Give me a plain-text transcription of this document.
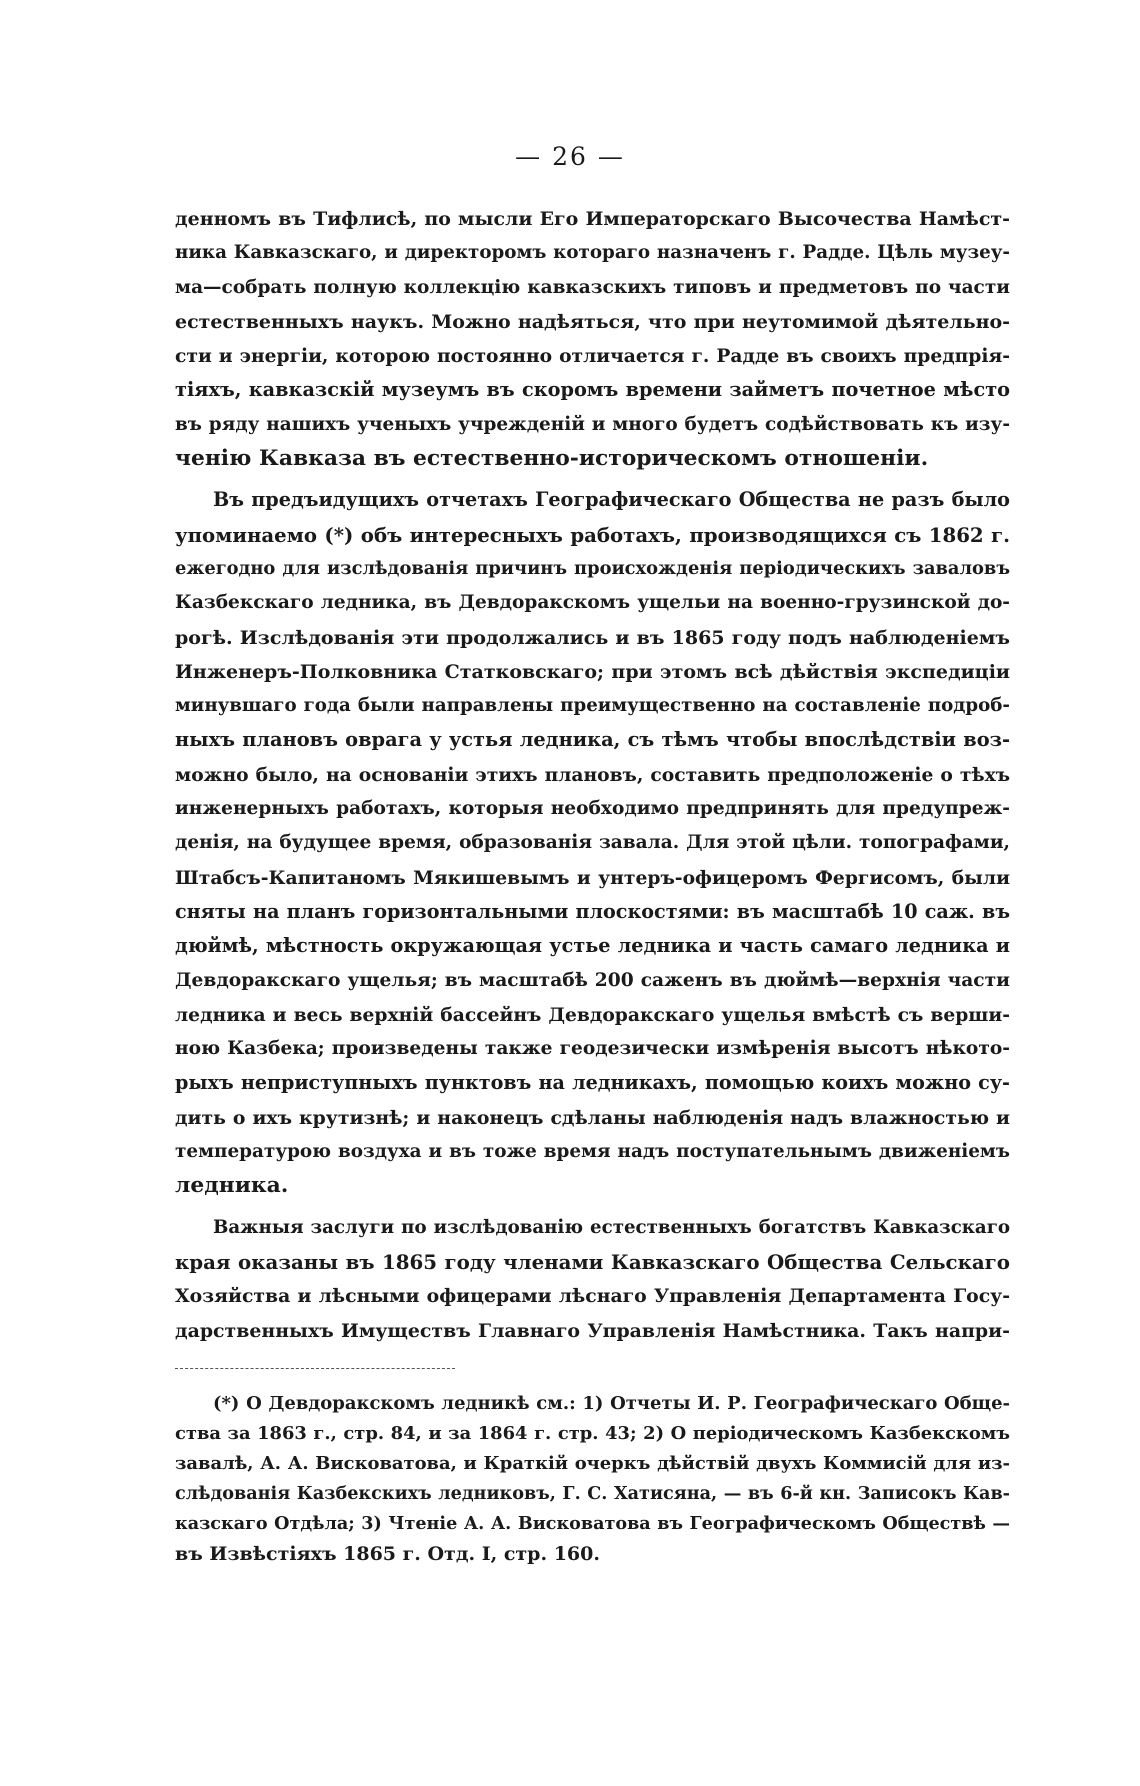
— 26 —
денномъ въ Тифлисѣ, по мысли Его Императорскаго Высочества Намѣст-
ника Кавказскаго, и директоромъ котораго назначенъ г. Радде. Цѣль музеу-
ма—собрать полную коллекцію кавказскихъ типовъ и предметовъ по части
естественныхъ наукъ. Можно надѣяться, что при неутомимой дѣятельно-
сти и энергіи, которою постоянно отличается г. Радде въ своихъ предпрія-
тіяхъ, кавказскій музеумъ въ скоромъ времени займетъ почетное мѣсто
въ ряду нашихъ ученыхъ учрежденій и много будетъ содѣйствовать къ изу-
ченію Кавказа въ естественно-историческомъ отношеніи.
Въ предъидущихъ отчетахъ Географическаго Общества не разъ было
упоминаемо (*) объ интересныхъ работахъ, производящихся съ 1862 г.
ежегодно для изслѣдованія причинъ происхожденія періодическихъ заваловъ
Казбекскаго ледника, въ Девдоракскомъ ущельи на военно-грузинской до-
рогѣ. Изслѣдованія эти продолжались и въ 1865 году подъ наблюденіемъ
Инженеръ-Полковника Статковскаго; при этомъ всѣ дѣйствія экспедиціи
минувшаго года были направлены преимущественно на составленіе подроб-
ныхъ плановъ оврага у устья ледника, съ тѣмъ чтобы впослѣдствіи воз-
можно было, на основаніи этихъ плановъ, составить предположеніе о тѣхъ
инженерныхъ работахъ, которыя необходимо предпринять для предупреж-
денія, на будущее время, образованія завала. Для этой цѣли. топографами,
Штабсъ-Капитаномъ Мякишевымъ и унтеръ-офицеромъ Фергисомъ, были
сняты на планъ горизонтальными плоскостями: въ масштабѣ 10 саж. въ
дюймѣ, мѣстность окружающая устье ледника и часть самаго ледника и
Девдоракскаго ущелья; въ масштабѣ 200 саженъ въ дюймѣ—верхнія части
ледника и весь верхній бассейнъ Девдоракскаго ущелья вмѣстѣ съ верши-
ною Казбека; произведены также геодезически измѣренія высотъ нѣкото-
рыхъ неприступныхъ пунктовъ на ледникахъ, помощью коихъ можно су-
дить о ихъ крутизнѣ; и наконецъ сдѣланы наблюденія надъ влажностью и
температурою воздуха и въ тоже время надъ поступательнымъ движеніемъ
ледника.
Важныя заслуги по изслѣдованію естественныхъ богатствъ Кавказскаго
края оказаны въ 1865 году членами Кавказскаго Общества Сельскаго
Хозяйства и лѣсными офицерами лѣснаго Управленія Департамента Госу-
дарственныхъ Имуществъ Главнаго Управленія Намѣстника. Такъ напри-
(*) О Девдоракскомъ ледникѣ см.: 1) Отчеты И. Р. Географическаго Обще-
ства за 1863 г., стр. 84, и за 1864 г. стр. 43; 2) О періодическомъ Казбекскомъ
завалѣ, А. А. Висковатова, и Краткій очеркъ дѣйствій двухъ Коммисій для из-
слѣдованія Казбекскихъ ледниковъ, Г. С. Хатисяна, — въ 6-й кн. Записокъ Кав-
казскаго Отдѣла; 3) Чтеніе А. А. Висковатова въ Географическомъ Обществѣ —
въ Извѣстіяхъ 1865 г. Отд. I, стр. 160.
